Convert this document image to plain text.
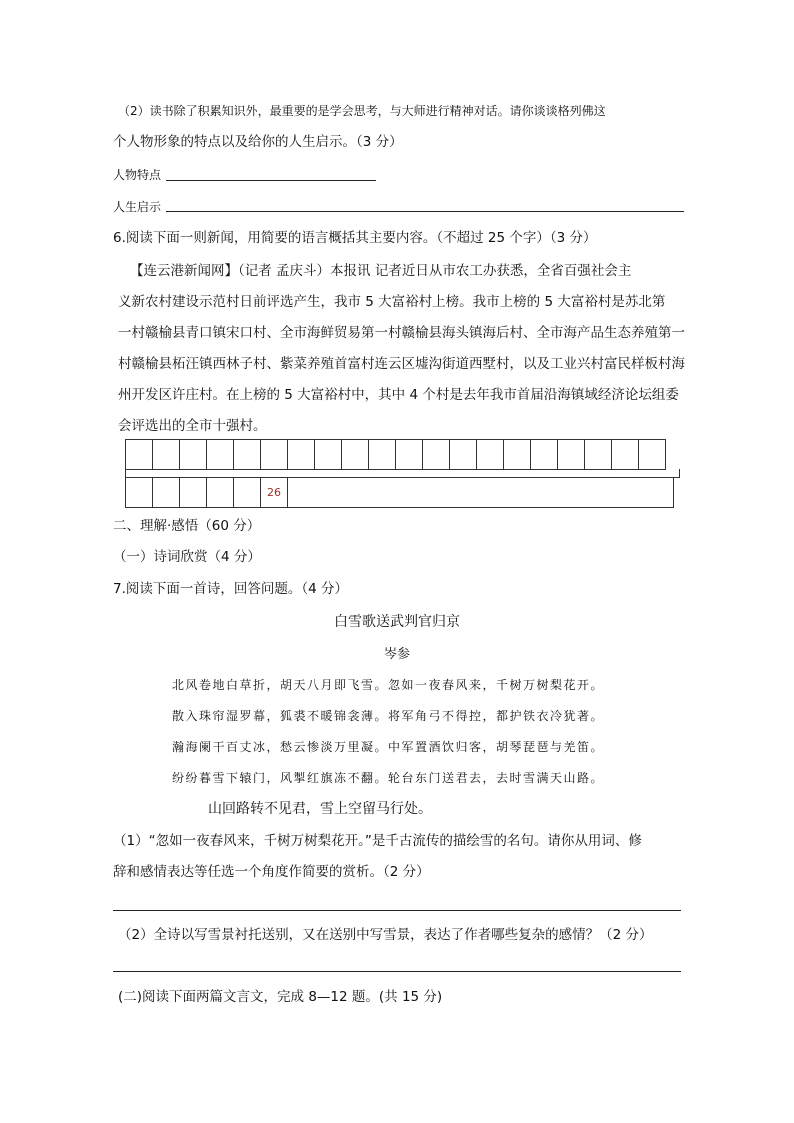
（2）读书除了积累知识外，最重要的是学会思考，与大师进行精神对话。请你谈谈格列佛这
个人物形象的特点以及给你的人生启示。（3 分）
人物特点
人生启示
6.阅读下面一则新闻，用简要的语言概括其主要内容。（不超过 25 个字）（3 分）
【连云港新闻网】（记者 孟庆斗）本报讯 记者近日从市农工办获悉，全省百强社会主
义新农村建设示范村日前评选产生，我市 5 大富裕村上榜。我市上榜的 5 大富裕村是苏北第
一村赣榆县青口镇宋口村、全市海鲜贸易第一村赣榆县海头镇海后村、全市海产品生态养殖第一
村赣榆县柘汪镇西林子村、紫菜养殖首富村连云区墟沟街道西墅村，以及工业兴村富民样板村海
州开发区许庄村。在上榜的 5 大富裕村中，其中 4 个村是去年我市首届沿海镇域经济论坛组委
会评选出的全市十强村。

					26	
二、理解·感悟（60 分）
（一）诗词欣赏（4 分）
7.阅读下面一首诗，回答问题。（4 分）
白雪歌送武判官归京
岑参
北风卷地白草折，胡天八月即飞雪。忽如一夜春风来，千树万树梨花开。
散入珠帘湿罗幕，狐裘不暖锦衾薄。将军角弓不得控，都护铁衣冷犹著。
瀚海阑干百丈冰，愁云惨淡万里凝。中军置酒饮归客，胡琴琵琶与羌笛。
纷纷暮雪下辕门，风掣红旗冻不翻。轮台东门送君去，去时雪满天山路。
山回路转不见君，雪上空留马行处。
（1）“忽如一夜春风来，千树万树梨花开。”是千古流传的描绘雪的名句。请你从用词、修
辞和感情表达等任选一个角度作简要的赏析。（2 分）
（2）全诗以写雪景衬托送别，又在送别中写雪景，表达了作者哪些复杂的感情？（2 分）
(二)阅读下面两篇文言文，完成 8—12 题。(共 15 分)
